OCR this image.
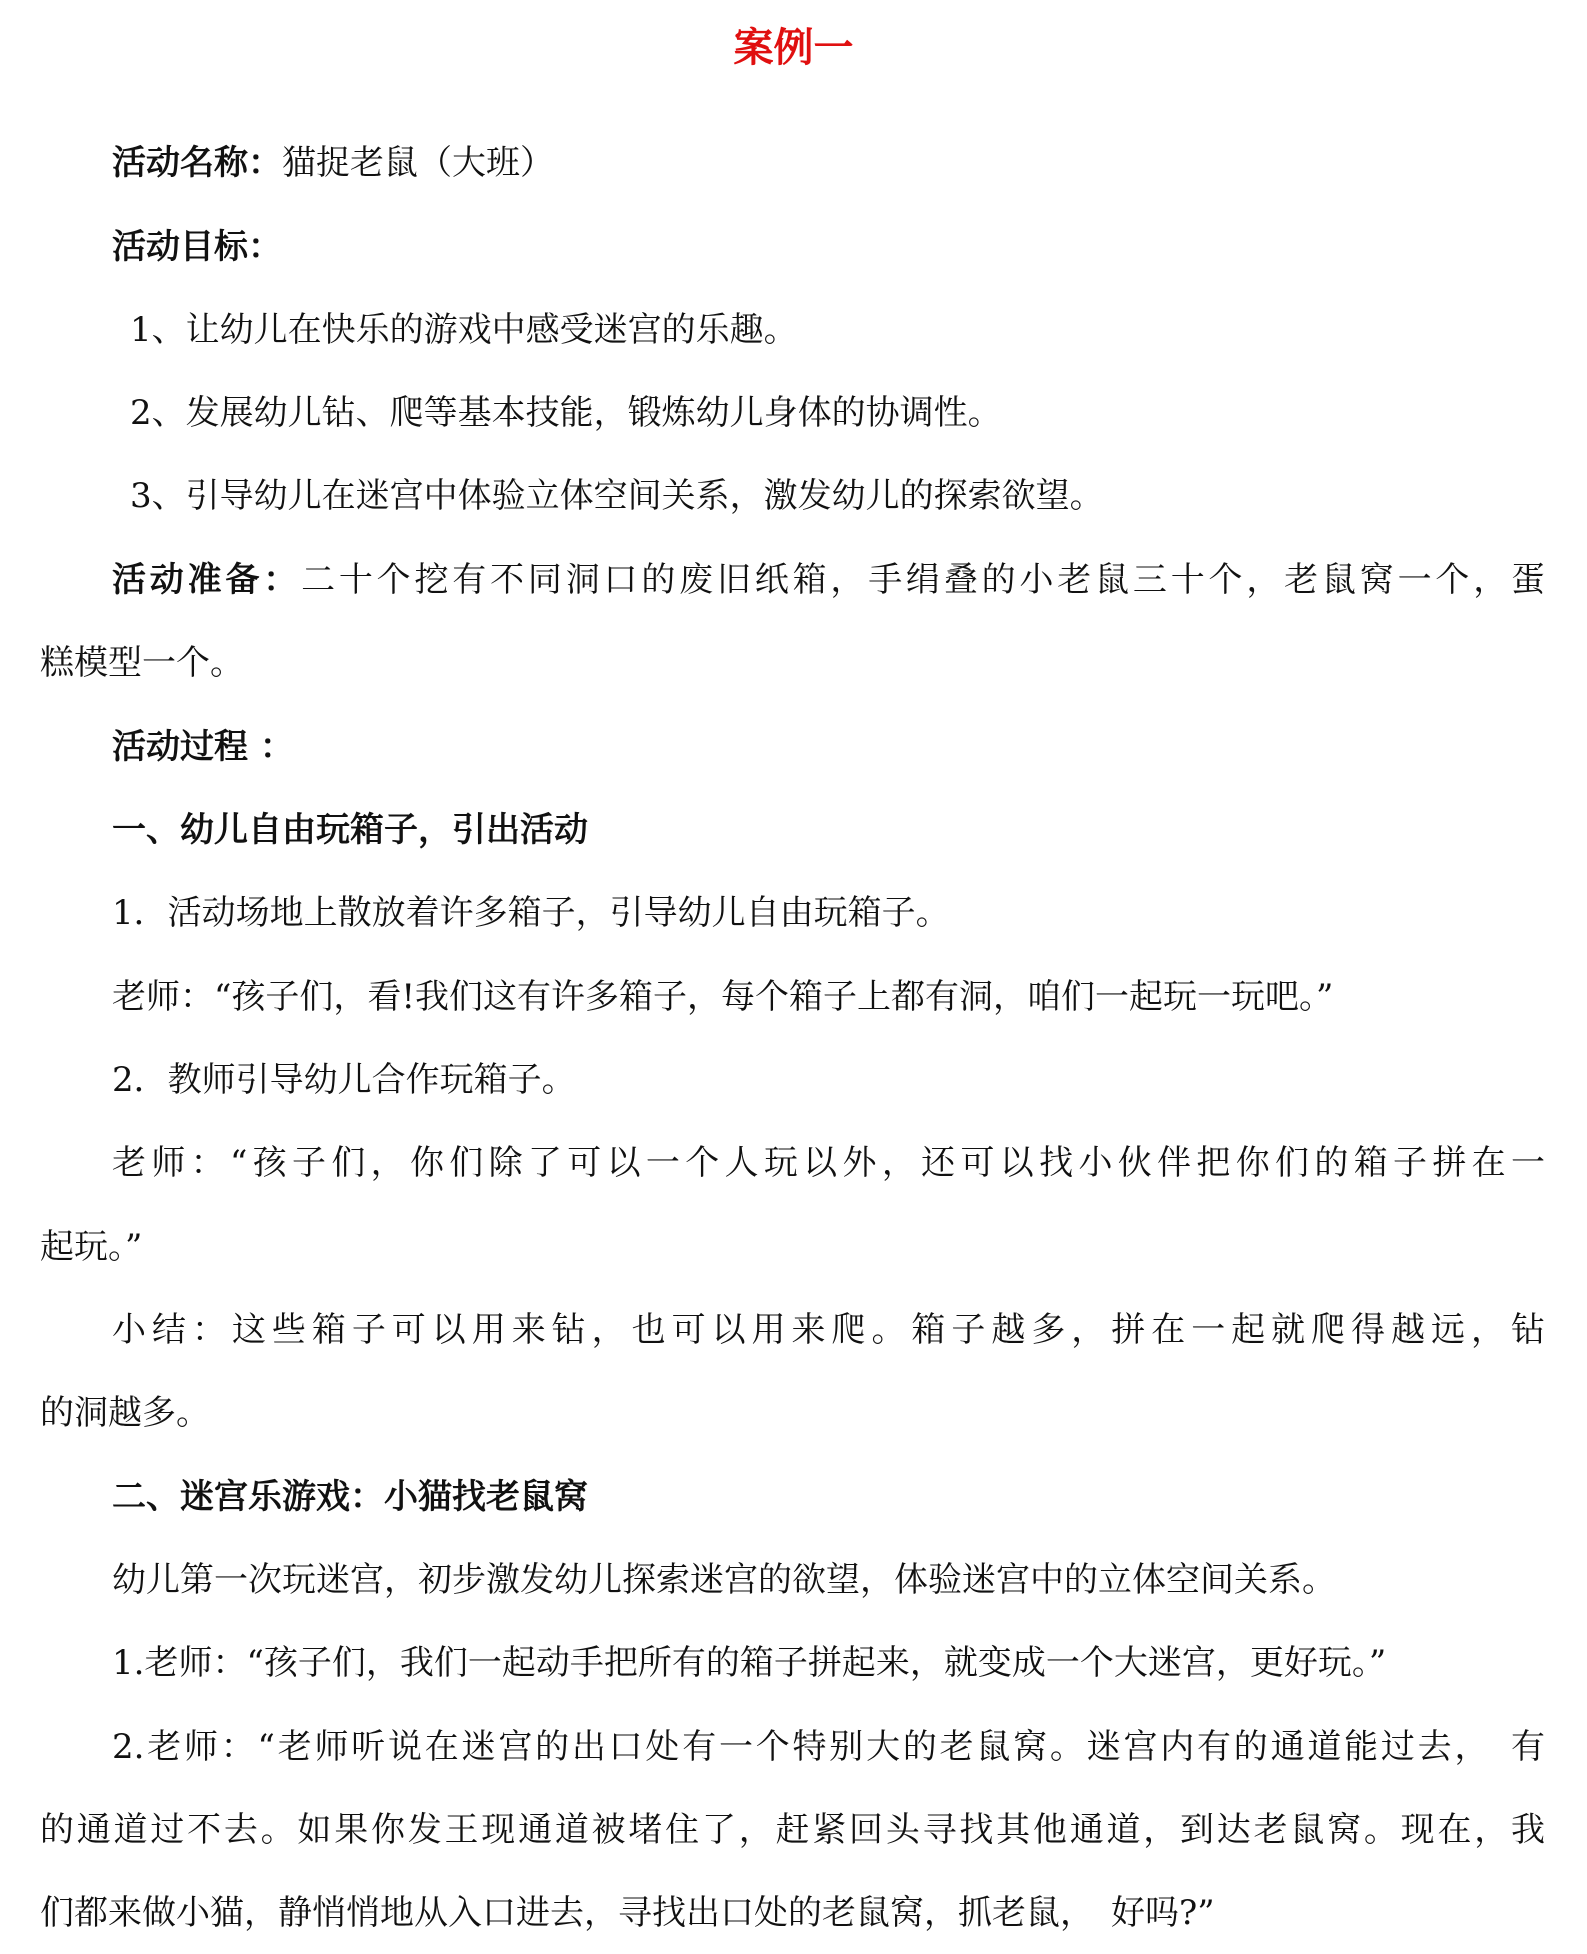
案例一
活动名称：猫捉老鼠（大班）
活动目标：
1、让幼儿在快乐的游戏中感受迷宫的乐趣。
2、发展幼儿钻、爬等基本技能，锻炼幼儿身体的协调性。
3、引导幼儿在迷宫中体验立体空间关系，激发幼儿的探索欲望。
活动准备：二十个挖有不同洞口的废旧纸箱，手绢叠的小老鼠三十个，老鼠窝一个，蛋
糕模型一个。
活动过程 ：
一、幼儿自由玩箱子，引出活动
1．活动场地上散放着许多箱子，引导幼儿自由玩箱子。
老师：“孩子们，看!我们这有许多箱子，每个箱子上都有洞，咱们一起玩一玩吧。”
2．教师引导幼儿合作玩箱子。
老师：“孩子们，你们除了可以一个人玩以外，还可以找小伙伴把你们的箱子拼在一
起玩。”
小结：这些箱子可以用来钻，也可以用来爬。箱子越多，拼在一起就爬得越远，钻
的洞越多。
二、迷宫乐游戏：小猫找老鼠窝
幼儿第一次玩迷宫，初步激发幼儿探索迷宫的欲望，体验迷宫中的立体空间关系。
1.老师：“孩子们，我们一起动手把所有的箱子拼起来，就变成一个大迷宫，更好玩。”
2.老师：“老师听说在迷宫的出口处有一个特别大的老鼠窝。迷宫内有的通道能过去，　有
的通道过不去。如果你发王现通道被堵住了，赶紧回头寻找其他通道，到达老鼠窝。现在，我
们都来做小猫，静悄悄地从入口进去，寻找出口处的老鼠窝，抓老鼠，　好吗?”
